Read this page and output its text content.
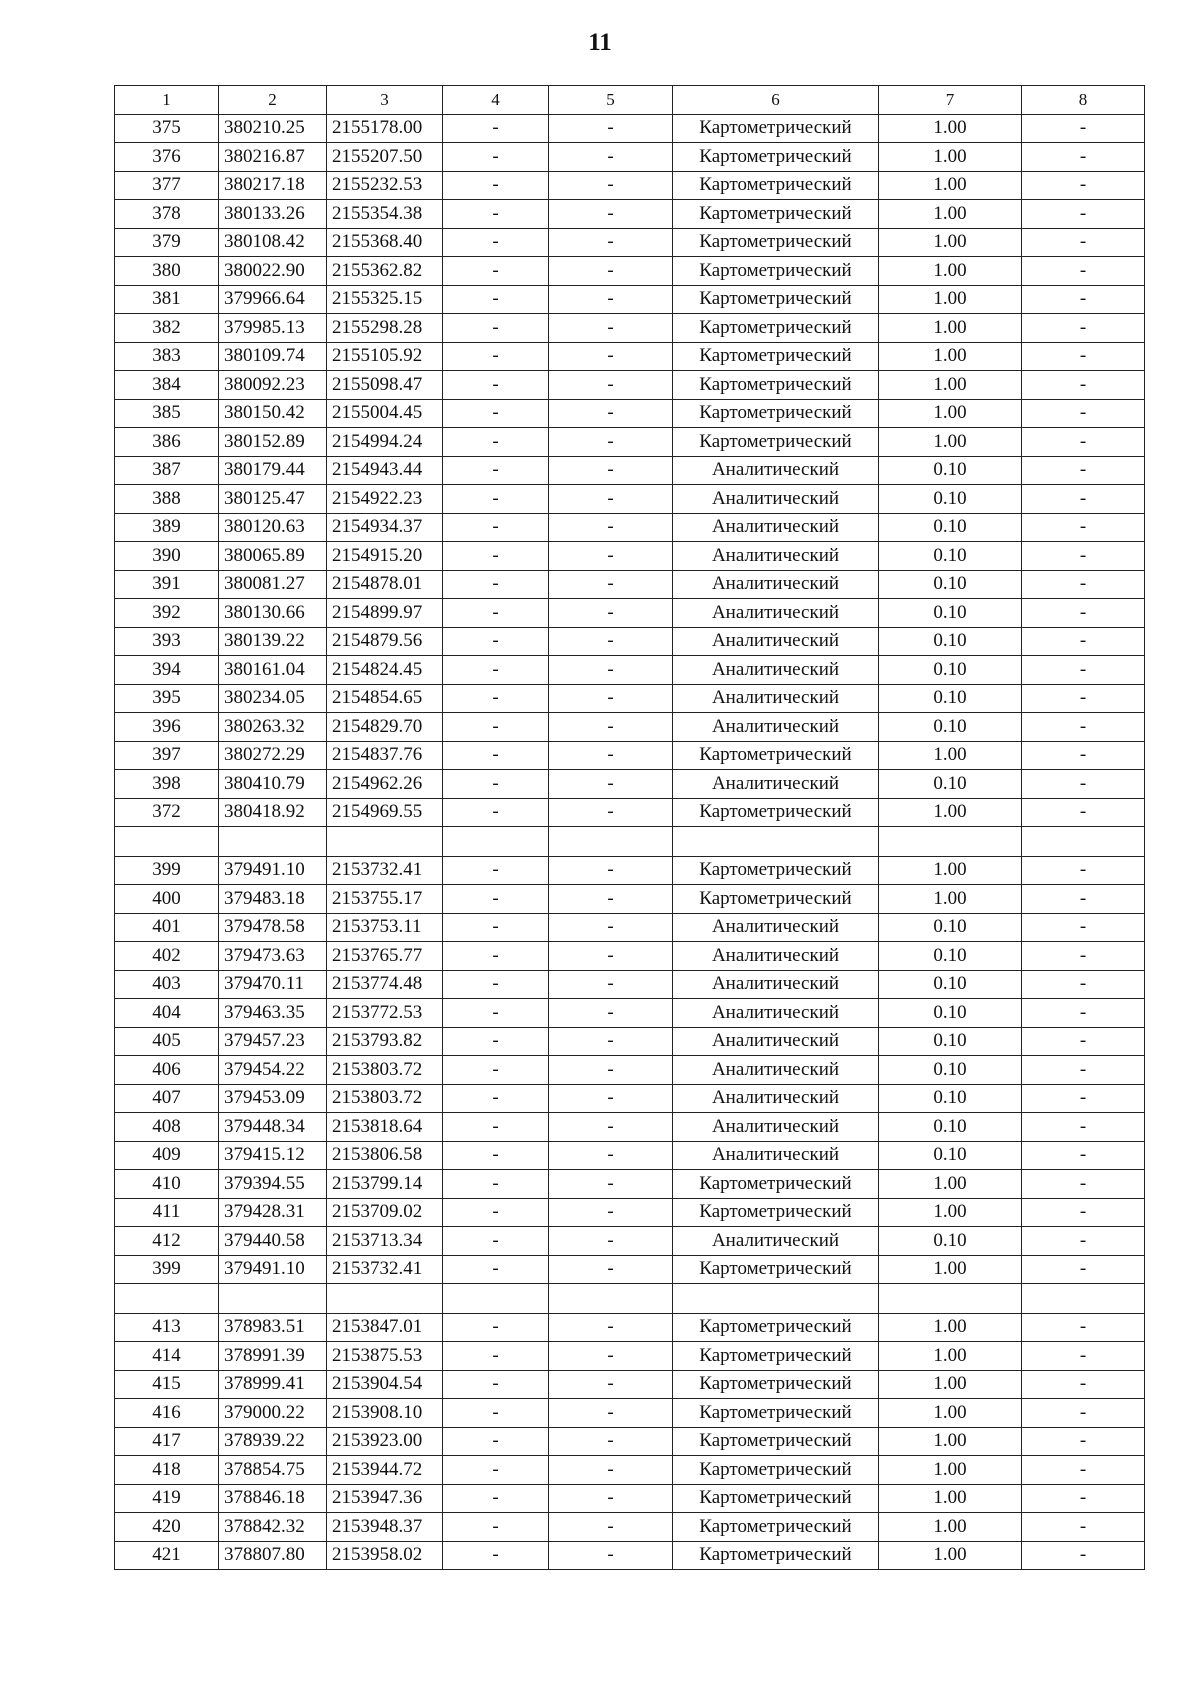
11
1	2	3	4	5	6	7	8
375	380210.25	2155178.00	-	-	Картометрический	1.00	-
376	380216.87	2155207.50	-	-	Картометрический	1.00	-
377	380217.18	2155232.53	-	-	Картометрический	1.00	-
378	380133.26	2155354.38	-	-	Картометрический	1.00	-
379	380108.42	2155368.40	-	-	Картометрический	1.00	-
380	380022.90	2155362.82	-	-	Картометрический	1.00	-
381	379966.64	2155325.15	-	-	Картометрический	1.00	-
382	379985.13	2155298.28	-	-	Картометрический	1.00	-
383	380109.74	2155105.92	-	-	Картометрический	1.00	-
384	380092.23	2155098.47	-	-	Картометрический	1.00	-
385	380150.42	2155004.45	-	-	Картометрический	1.00	-
386	380152.89	2154994.24	-	-	Картометрический	1.00	-
387	380179.44	2154943.44	-	-	Аналитический	0.10	-
388	380125.47	2154922.23	-	-	Аналитический	0.10	-
389	380120.63	2154934.37	-	-	Аналитический	0.10	-
390	380065.89	2154915.20	-	-	Аналитический	0.10	-
391	380081.27	2154878.01	-	-	Аналитический	0.10	-
392	380130.66	2154899.97	-	-	Аналитический	0.10	-
393	380139.22	2154879.56	-	-	Аналитический	0.10	-
394	380161.04	2154824.45	-	-	Аналитический	0.10	-
395	380234.05	2154854.65	-	-	Аналитический	0.10	-
396	380263.32	2154829.70	-	-	Аналитический	0.10	-
397	380272.29	2154837.76	-	-	Картометрический	1.00	-
398	380410.79	2154962.26	-	-	Аналитический	0.10	-
372	380418.92	2154969.55	-	-	Картометрический	1.00	-

399	379491.10	2153732.41	-	-	Картометрический	1.00	-
400	379483.18	2153755.17	-	-	Картометрический	1.00	-
401	379478.58	2153753.11	-	-	Аналитический	0.10	-
402	379473.63	2153765.77	-	-	Аналитический	0.10	-
403	379470.11	2153774.48	-	-	Аналитический	0.10	-
404	379463.35	2153772.53	-	-	Аналитический	0.10	-
405	379457.23	2153793.82	-	-	Аналитический	0.10	-
406	379454.22	2153803.72	-	-	Аналитический	0.10	-
407	379453.09	2153803.72	-	-	Аналитический	0.10	-
408	379448.34	2153818.64	-	-	Аналитический	0.10	-
409	379415.12	2153806.58	-	-	Аналитический	0.10	-
410	379394.55	2153799.14	-	-	Картометрический	1.00	-
411	379428.31	2153709.02	-	-	Картометрический	1.00	-
412	379440.58	2153713.34	-	-	Аналитический	0.10	-
399	379491.10	2153732.41	-	-	Картометрический	1.00	-

413	378983.51	2153847.01	-	-	Картометрический	1.00	-
414	378991.39	2153875.53	-	-	Картометрический	1.00	-
415	378999.41	2153904.54	-	-	Картометрический	1.00	-
416	379000.22	2153908.10	-	-	Картометрический	1.00	-
417	378939.22	2153923.00	-	-	Картометрический	1.00	-
418	378854.75	2153944.72	-	-	Картометрический	1.00	-
419	378846.18	2153947.36	-	-	Картометрический	1.00	-
420	378842.32	2153948.37	-	-	Картометрический	1.00	-
421	378807.80	2153958.02	-	-	Картометрический	1.00	-
